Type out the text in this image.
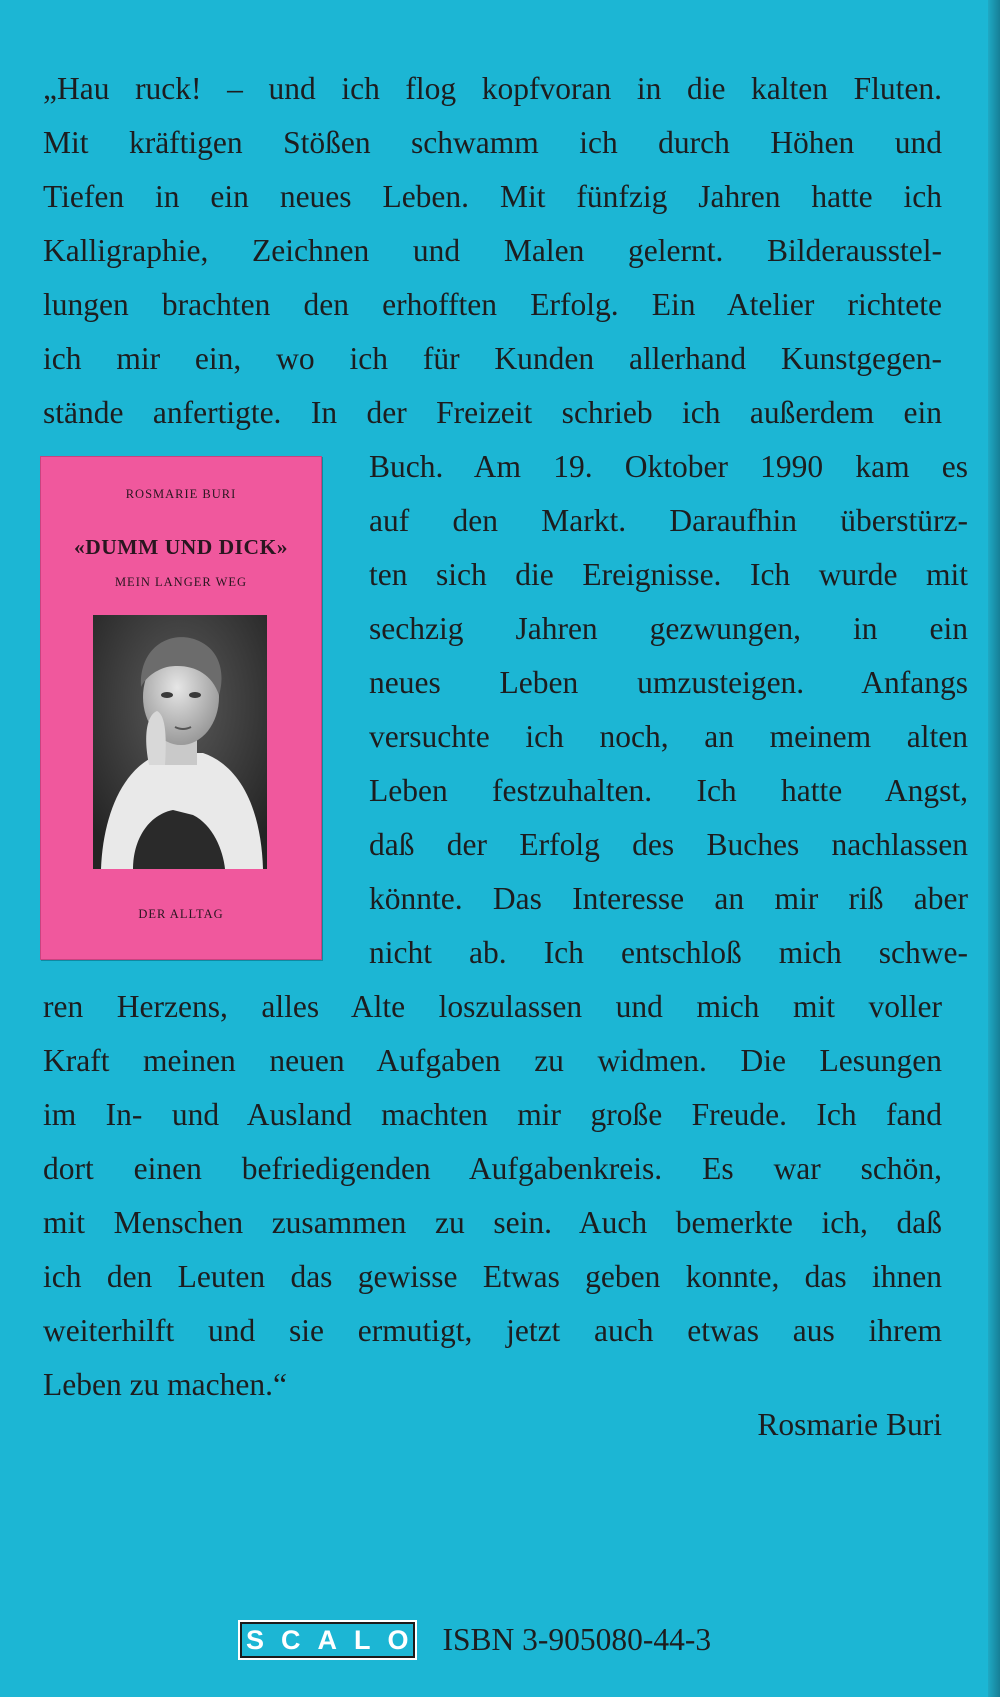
„Hau ruck! – und ich flog kopfvoran in die kalten Fluten.
Mit kräftigen Stößen schwamm ich durch Höhen und
Tiefen in ein neues Leben. Mit fünfzig Jahren hatte ich
Kalligraphie, Zeichnen und Malen gelernt. Bilderausstel-
lungen brachten den erhofften Erfolg. Ein Atelier richtete
ich mir ein, wo ich für Kunden allerhand Kunstgegen-
stände anfertigte. In der Freizeit schrieb ich außerdem ein
Buch. Am 19. Oktober 1990 kam es
auf den Markt. Daraufhin überstürz-
ten sich die Ereignisse. Ich wurde mit
sechzig Jahren gezwungen, in ein
neues Leben umzusteigen. Anfangs
versuchte ich noch, an meinem alten
Leben festzuhalten. Ich hatte Angst,
daß der Erfolg des Buches nachlassen
könnte. Das Interesse an mir riß aber
nicht ab. Ich entschloß mich schwe-
ren Herzens, alles Alte loszulassen und mich mit voller
Kraft meinen neuen Aufgaben zu widmen. Die Lesungen
im In- und Ausland machten mir große Freude. Ich fand
dort einen befriedigenden Aufgabenkreis. Es war schön,
mit Menschen zusammen zu sein. Auch bemerkte ich, daß
ich den Leuten das gewisse Etwas geben konnte, das ihnen
weiterhilft und sie ermutigt, jetzt auch etwas aus ihrem
Leben zu machen.“
Rosmarie Buri
ROSMARIE BURI
«DUMM UND DICK»
MEIN LANGER WEG
DER ALLTAG
SCALO ISBN 3-905080-44-3
